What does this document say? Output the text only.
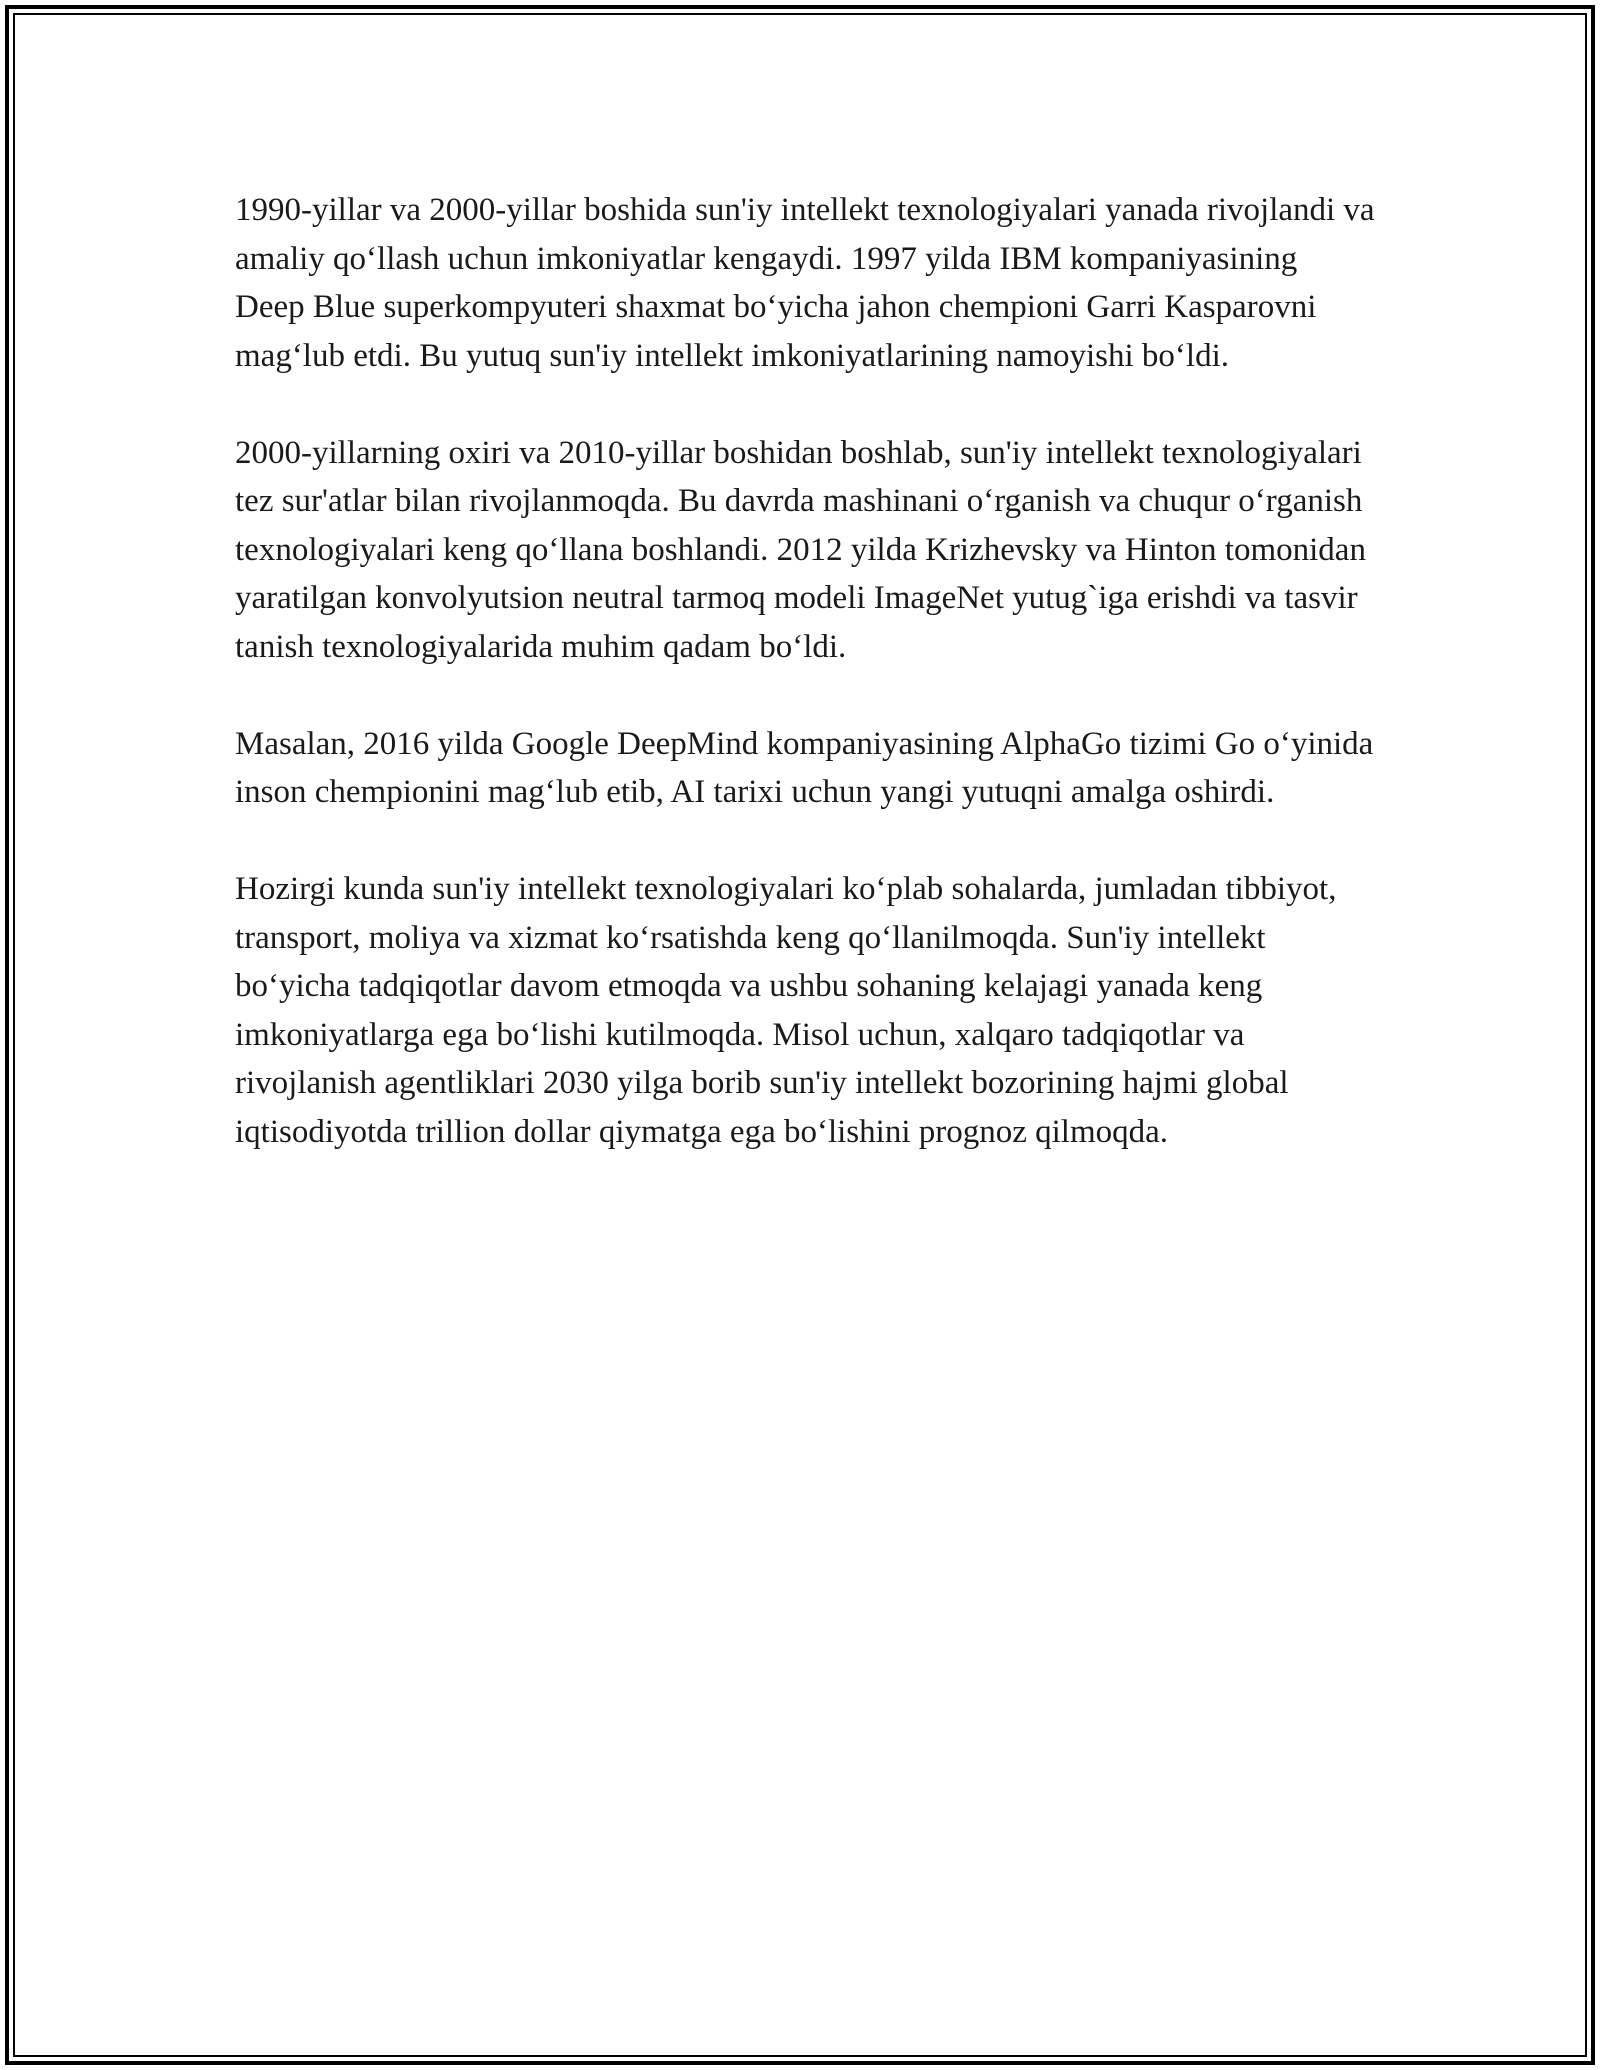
1990-yillar va 2000-yillar boshida sun'iy intellekt texnologiyalari yanada rivojlandi va amaliy qo‘llash uchun imkoniyatlar kengaydi. 1997 yilda IBM kompaniyasining Deep Blue superkompyuteri shaxmat bo‘yicha jahon chempioni Garri Kasparovni mag‘lub etdi. Bu yutuq sun'iy intellekt imkoniyatlarining namoyishi bo‘ldi.

2000-yillarning oxiri va 2010-yillar boshidan boshlab, sun'iy intellekt texnologiyalari tez sur'atlar bilan rivojlanmoqda. Bu davrda mashinani o‘rganish va chuqur o‘rganish texnologiyalari keng qo‘llana boshlandi. 2012 yilda Krizhevsky va Hinton tomonidan yaratilgan konvolyutsion neutral tarmoq modeli ImageNet yutug`iga erishdi va tasvir tanish texnologiyalarida muhim qadam bo‘ldi.

Masalan, 2016 yilda Google DeepMind kompaniyasining AlphaGo tizimi Go o‘yinida inson chempionini mag‘lub etib, AI tarixi uchun yangi yutuqni amalga oshirdi.

Hozirgi kunda sun'iy intellekt texnologiyalari ko‘plab sohalarda, jumladan tibbiyot, transport, moliya va xizmat ko‘rsatishda keng qo‘llanilmoqda. Sun'iy intellekt bo‘yicha tadqiqotlar davom etmoqda va ushbu sohaning kelajagi yanada keng imkoniyatlarga ega bo‘lishi kutilmoqda. Misol uchun, xalqaro tadqiqotlar va rivojlanish agentliklari 2030 yilga borib sun'iy intellekt bozorining hajmi global iqtisodiyotda trillion dollar qiymatga ega bo‘lishini prognoz qilmoqda.
